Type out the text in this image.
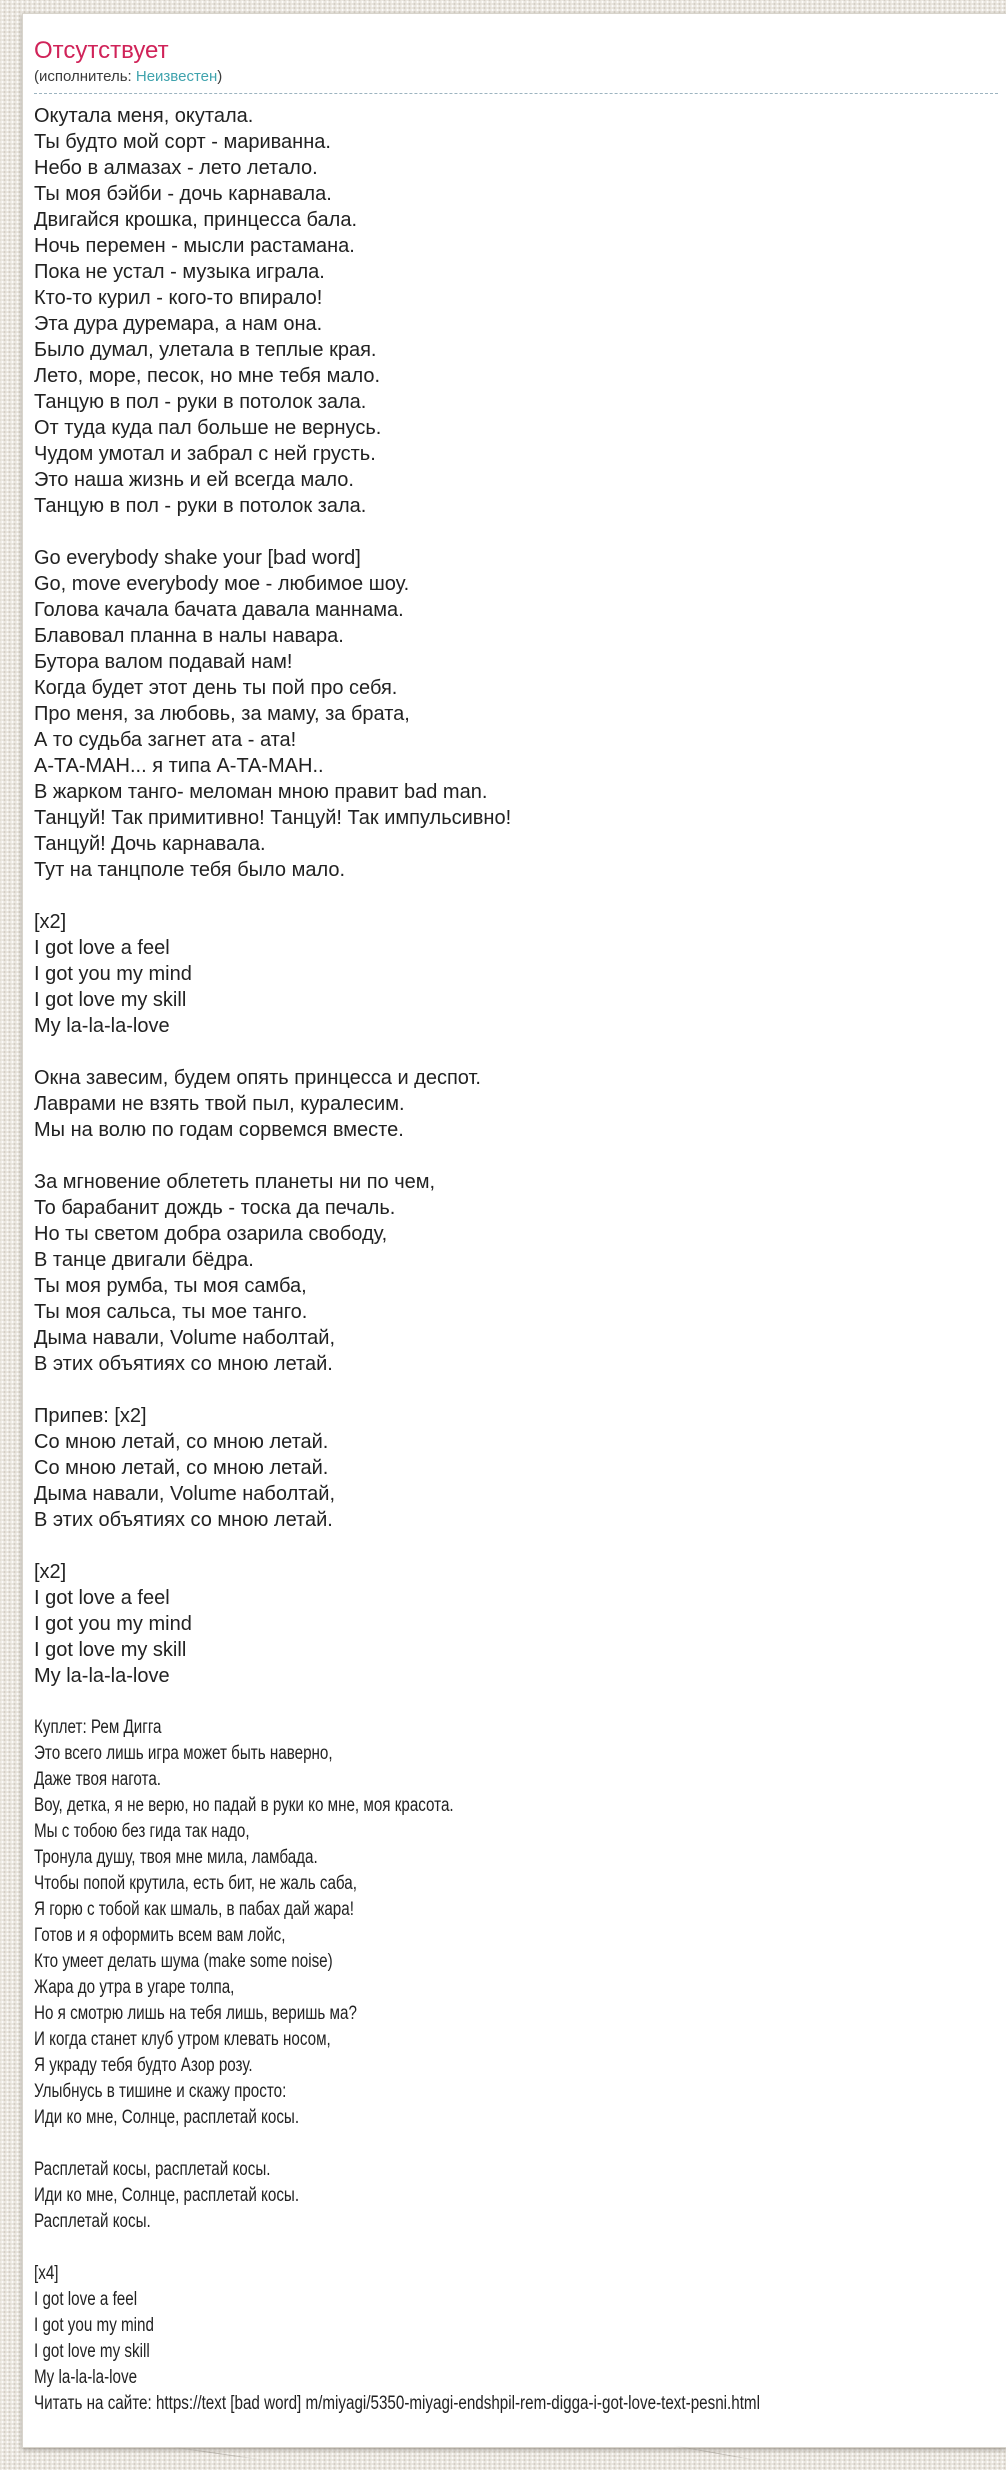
Отсутствует
(исполнитель: Неизвестен)
Окутала меня, окутала.
Ты будто мой сорт - мариванна.
Небо в алмазах - лето летало.
Ты моя бэйби - дочь карнавала.
Двигайся крошка, принцесса бала.
Ночь перемен - мысли растамана.
Пока не устал - музыка играла.
Кто-то курил - кого-то впирало!
Эта дура дуремара, а нам она.
Было думал, улетала в теплые края.
Лето, море, песок, но мне тебя мало.
Танцую в пол - руки в потолок зала.
От туда куда пал больше не вернусь.
Чудом умотал и забрал с ней грусть.
Это наша жизнь и ей всегда мало.
Танцую в пол - руки в потолок зала.
Go everybody shake your [bad word]
Go, move everybody мое - любимое шоу.
Голова качала бачата давала маннама.
Блавовал планна в налы навара.
Бутора валом подавай нам!
Когда будет этот день ты пой про себя.
Про меня, за любовь, за маму, за брата,
А то судьба загнет ата - ата!
А-ТА-МАН... я типа А-ТА-МАН..
В жарком танго- меломан мною правит bad man.
Танцуй! Так примитивно! Танцуй! Так импульсивно!
Танцуй! Дочь карнавала.
Тут на танцполе тебя было мало.
[x2]
I got love a feel
I got you my mind
I got love my skill
My la-la-la-love
Окна завесим, будем опять принцесса и деспот.
Лаврами не взять твой пыл, куралесим.
Мы на волю по годам сорвемся вместе.
За мгновение облететь планеты ни по чем,
То барабанит дождь - тоска да печаль.
Но ты светом добра озарила свободу,
В танце двигали бёдра.
Ты моя румба, ты моя самба,
Ты моя сальса, ты мое танго.
Дыма навали, Volume наболтай,
В этих объятиях со мною летай.
Припев: [x2]
Со мною летай, со мною летай.
Со мною летай, со мною летай.
Дыма навали, Volume наболтай,
В этих объятиях со мною летай.
[x2]
I got love a feel
I got you my mind
I got love my skill
My la-la-la-love
Куплет: Рем Дигга
Это всего лишь игра может быть наверно,
Даже твоя нагота.
Воу, детка, я не верю, но падай в руки ко мне, моя красота.
Мы с тобою без гида так надо,
Тронула душу, твоя мне мила, ламбада.
Чтобы попой крутила, есть бит, не жаль саба,
Я горю с тобой как шмаль, в пабах дай жара!
Готов и я оформить всем вам лойс,
Кто умеет делать шума (make some noise)
Жара до утра в угаре толпа,
Но я смотрю лишь на тебя лишь, веришь ма?
И когда станет клуб утром клевать носом,
Я украду тебя будто Азор розу.
Улыбнусь в тишине и скажу просто:
Иди ко мне, Солнце, расплетай косы.
Расплетай косы, расплетай косы.
Иди ко мне, Солнце, расплетай косы.
Расплетай косы.
[x4]
I got love a feel
I got you my mind
I got love my skill
My la-la-la-love
Читать на сайте: https://text [bad word] m/miyagi/5350-miyagi-endshpil-rem-digga-i-got-love-text-pesni.html
